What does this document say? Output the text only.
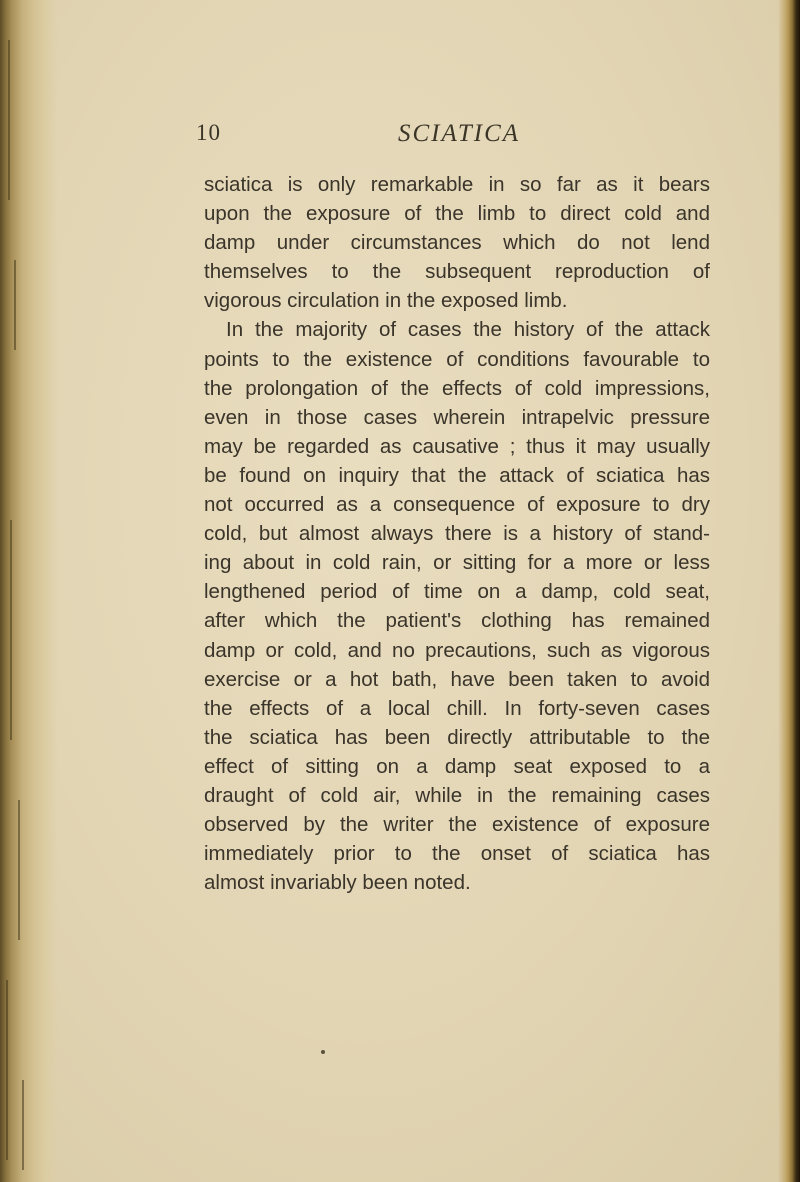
10	SCIATICA
sciatica is only remarkable in so far as it bears
upon the exposure of the limb to direct cold and
damp under circumstances which do not lend
themselves to the subsequent reproduction of
vigorous circulation in the exposed limb.
In the majority of cases the history of the attack
points to the existence of conditions favourable to
the prolongation of the effects of cold impressions,
even in those cases wherein intrapelvic pressure
may be regarded as causative ; thus it may usually
be found on inquiry that the attack of sciatica has
not occurred as a consequence of exposure to dry
cold, but almost always there is a history of stand-
ing about in cold rain, or sitting for a more or less
lengthened period of time on a damp, cold seat,
after which the patient's clothing has remained
damp or cold, and no precautions, such as vigorous
exercise or a hot bath, have been taken to avoid
the effects of a local chill. In forty-seven cases
the sciatica has been directly attributable to the
effect of sitting on a damp seat exposed to a
draught of cold air, while in the remaining cases
observed by the writer the existence of exposure
immediately prior to the onset of sciatica has
almost invariably been noted.
